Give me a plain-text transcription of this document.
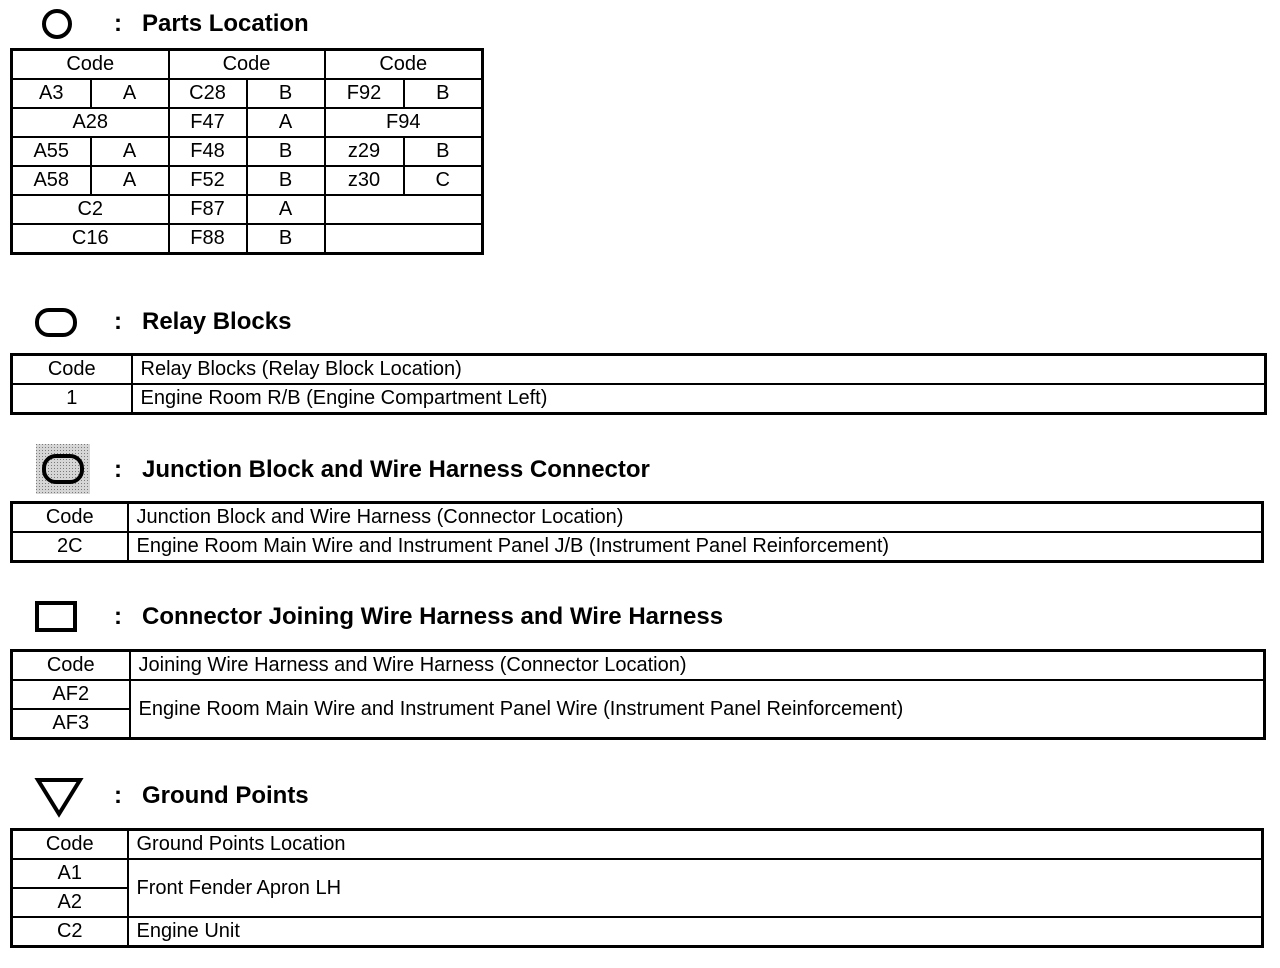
: Parts Location
Code		Code		Code	
A3	A	C28	B	F92	B
A28		F47	A	F94	
A55	A	F48	B	z29	B
A58	A	F52	B	z30	C
C2		F87	A		
C16		F88	B		
: Relay Blocks
Code	Relay Blocks (Relay Block Location)
1	Engine Room R/B (Engine Compartment Left)
: Junction Block and Wire Harness Connector
Code	Junction Block and Wire Harness (Connector Location)
2C	Engine Room Main Wire and Instrument Panel J/B (Instrument Panel Reinforcement)
: Connector Joining Wire Harness and Wire Harness
Code	Joining Wire Harness and Wire Harness (Connector Location)
AF2	Engine Room Main Wire and Instrument Panel Wire (Instrument Panel Reinforcement)
AF3	
: Ground Points
Code	Ground Points Location
A1	Front Fender Apron LH
A2	
C2	Engine Unit
